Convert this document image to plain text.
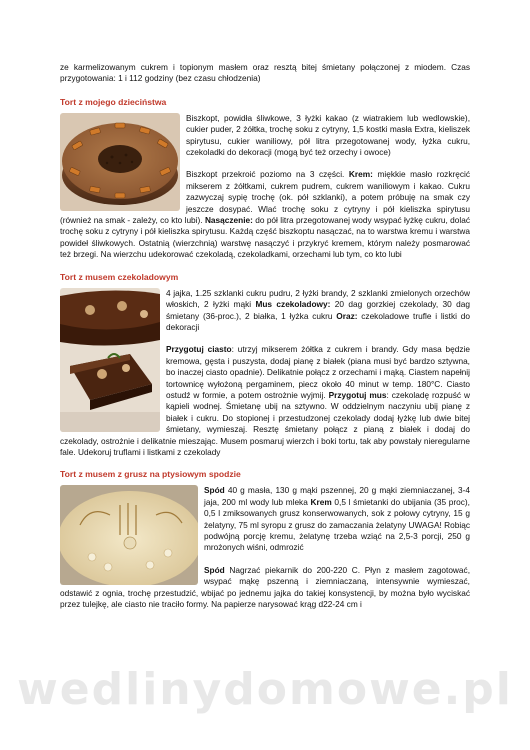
wedlinydomowe.pl

ze karmelizowanym cukrem i topionym masłem oraz resztą bitej śmietany połączonej z miodem. Czas przygotowania: 1 i 112 godziny (bez czasu chłodzenia)

Tort z mojego dzieciństwa

Biszkopt, powidła śliwkowe, 3 łyżki kakao (z wiatrakiem lub wedlowskie), cukier puder, 2 żółtka, trochę soku z cytryny, 1,5 kostki masła Extra, kieliszek spirytusu, cukier waniliowy, pół litra przegotowanej wody, łyżka cukru, czekoladki do dekoracji (mogą być też orzechy i owoce)

Biszkopt przekroić poziomo na 3 części. Krem: miękkie masło rozkręcić mikserem z żółtkami, cukrem pudrem, cukrem waniliowym i kakao. Cukru zazwyczaj sypię trochę (ok. pół szklanki), a potem próbuję na smak czy jeszcze dosypać. Wlać trochę soku z cytryny i pół kieliszka spirytusu (również na smak - zależy, co kto lubi). Nasączenie: do pół litra przegotowanej wody wsypać łyżkę cukru, dolać trochę soku z cytryny i pół kieliszka spirytusu. Każdą część biszkoptu nasączać, na to warstwa kremu i warstwa powideł śliwkowych. Ostatnią (wierzchnią) warstwę nasączyć i przykryć kremem, którym należy posmarować też brzegi. Na wierzchu udekorować czekoladą, czekoladkami, orzechami lub tym, co kto lubi

Tort z musem czekoladowym

4 jajka, 1.25 szklanki cukru pudru, 2 łyżki brandy, 2 szklanki zmielonych orzechów włoskich, 2 łyżki mąki Mus czekoladowy: 20 dag gorzkiej czekolady, 30 dag śmietany (36-proc.), 2 białka, 1 łyżka cukru Oraz: czekoladowe trufle i listki do dekoracji

Przygotuj ciasto: utrzyj mikserem żółtka z cukrem i brandy. Gdy masa będzie kremowa, gęsta i puszysta, dodaj pianę z białek (piana musi być bardzo sztywna, bo inaczej ciasto opadnie). Delikatnie połącz z orzechami i mąką. Ciastem napełnij tortownicę wyłożoną pergaminem, piecz około 40 minut w temp. 180°C. Ciasto ostudź w formie, a potem ostrożnie wyjmij. Przygotuj mus: czekoladę rozpuść w kąpieli wodnej. Śmietanę ubij na sztywno. W oddzielnym naczyniu ubij pianę z białek i cukru. Do stopionej i przestudzonej czekolady dodaj łyżkę lub dwie bitej śmietany, wymieszaj. Resztę śmietany połącz z pianą z białek i dodaj do czekolady, ostrożnie i delikatnie mieszając. Musem posmaruj wierzch i boki tortu, tak aby powstały nieregularne fale. Udekoruj truflami i listkami z czekolady

Tort z musem z grusz na ptysiowym spodzie

Spód 40 g masła, 130 g mąki pszennej, 20 g mąki ziemniaczanej, 3-4 jaja, 200 ml wody lub mleka Krem 0,5 l śmietanki do ubijania (35 proc), 0,5 l zmiksowanych grusz konserwowanych, sok z połowy cytryny, 15 g żelatyny, 75 ml syropu z grusz do zamaczania żelatyny UWAGA! Robiąc podwójną porcję kremu, żelatynę trzeba wziąć na 2,5-3 porcji, 250 g mrożonych wiśni, odmrozić

Spód Nagrzać piekarnik do 200-220 C. Płyn z masłem zagotować, wsypać mąkę pszenną i ziemniaczaną, intensywnie wymieszać, odstawić z ognia, trochę przestudzić, wbijać po jednemu jajka do takiej konsystencji, by można było wyciskać przez tulejkę, ale ciasto nie traciło formy. Na papierze narysować krąg d22-24 cm i
